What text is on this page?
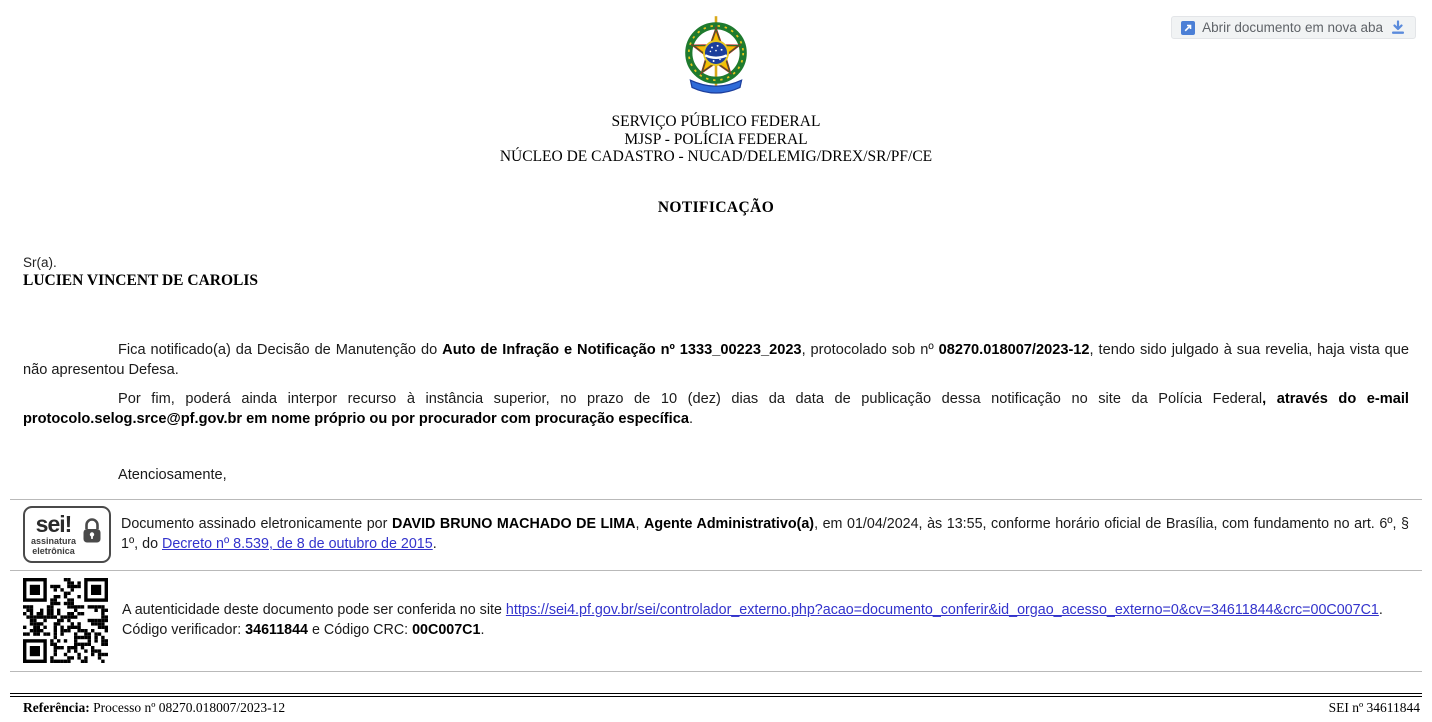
Abrir documento em nova aba
SERVIÇO PÚBLICO FEDERAL
MJSP - POLÍCIA FEDERAL
NÚCLEO DE CADASTRO - NUCAD/DELEMIG/DREX/SR/PF/CE
NOTIFICAÇÃO
Sr(a).
LUCIEN VINCENT DE CAROLIS

Fica notificado(a) da Decisão de Manutenção do Auto de Infração e Notificação nº 1333_00223_2023, protocolado sob nº 08270.018007/2023-12, tendo sido julgado à sua revelia, haja vista que não apresentou Defesa.

Por fim, poderá ainda interpor recurso à instância superior, no prazo de 10 (dez) dias da data de publicação dessa notificação no site da Polícia Federal, através do e-mail protocolo.selog.srce@pf.gov.br em nome próprio ou por procurador com procuração específica.

Atenciosamente,

sei!
assinatura
eletrônica
Documento assinado eletronicamente por DAVID BRUNO MACHADO DE LIMA, Agente Administrativo(a), em 01/04/2024, às 13:55, conforme horário oficial de Brasília, com fundamento no art. 6º, § 1º, do Decreto nº 8.539, de 8 de outubro de 2015.
A autenticidade deste documento pode ser conferida no site https://sei4.pf.gov.br/sei/controlador_externo.php?acao=documento_conferir&id_orgao_acesso_externo=0&cv=34611844&crc=00C007C1.
Código verificador: 34611844 e Código CRC: 00C007C1.
Referência: Processo nº 08270.018007/2023-12	SEI nº 34611844
